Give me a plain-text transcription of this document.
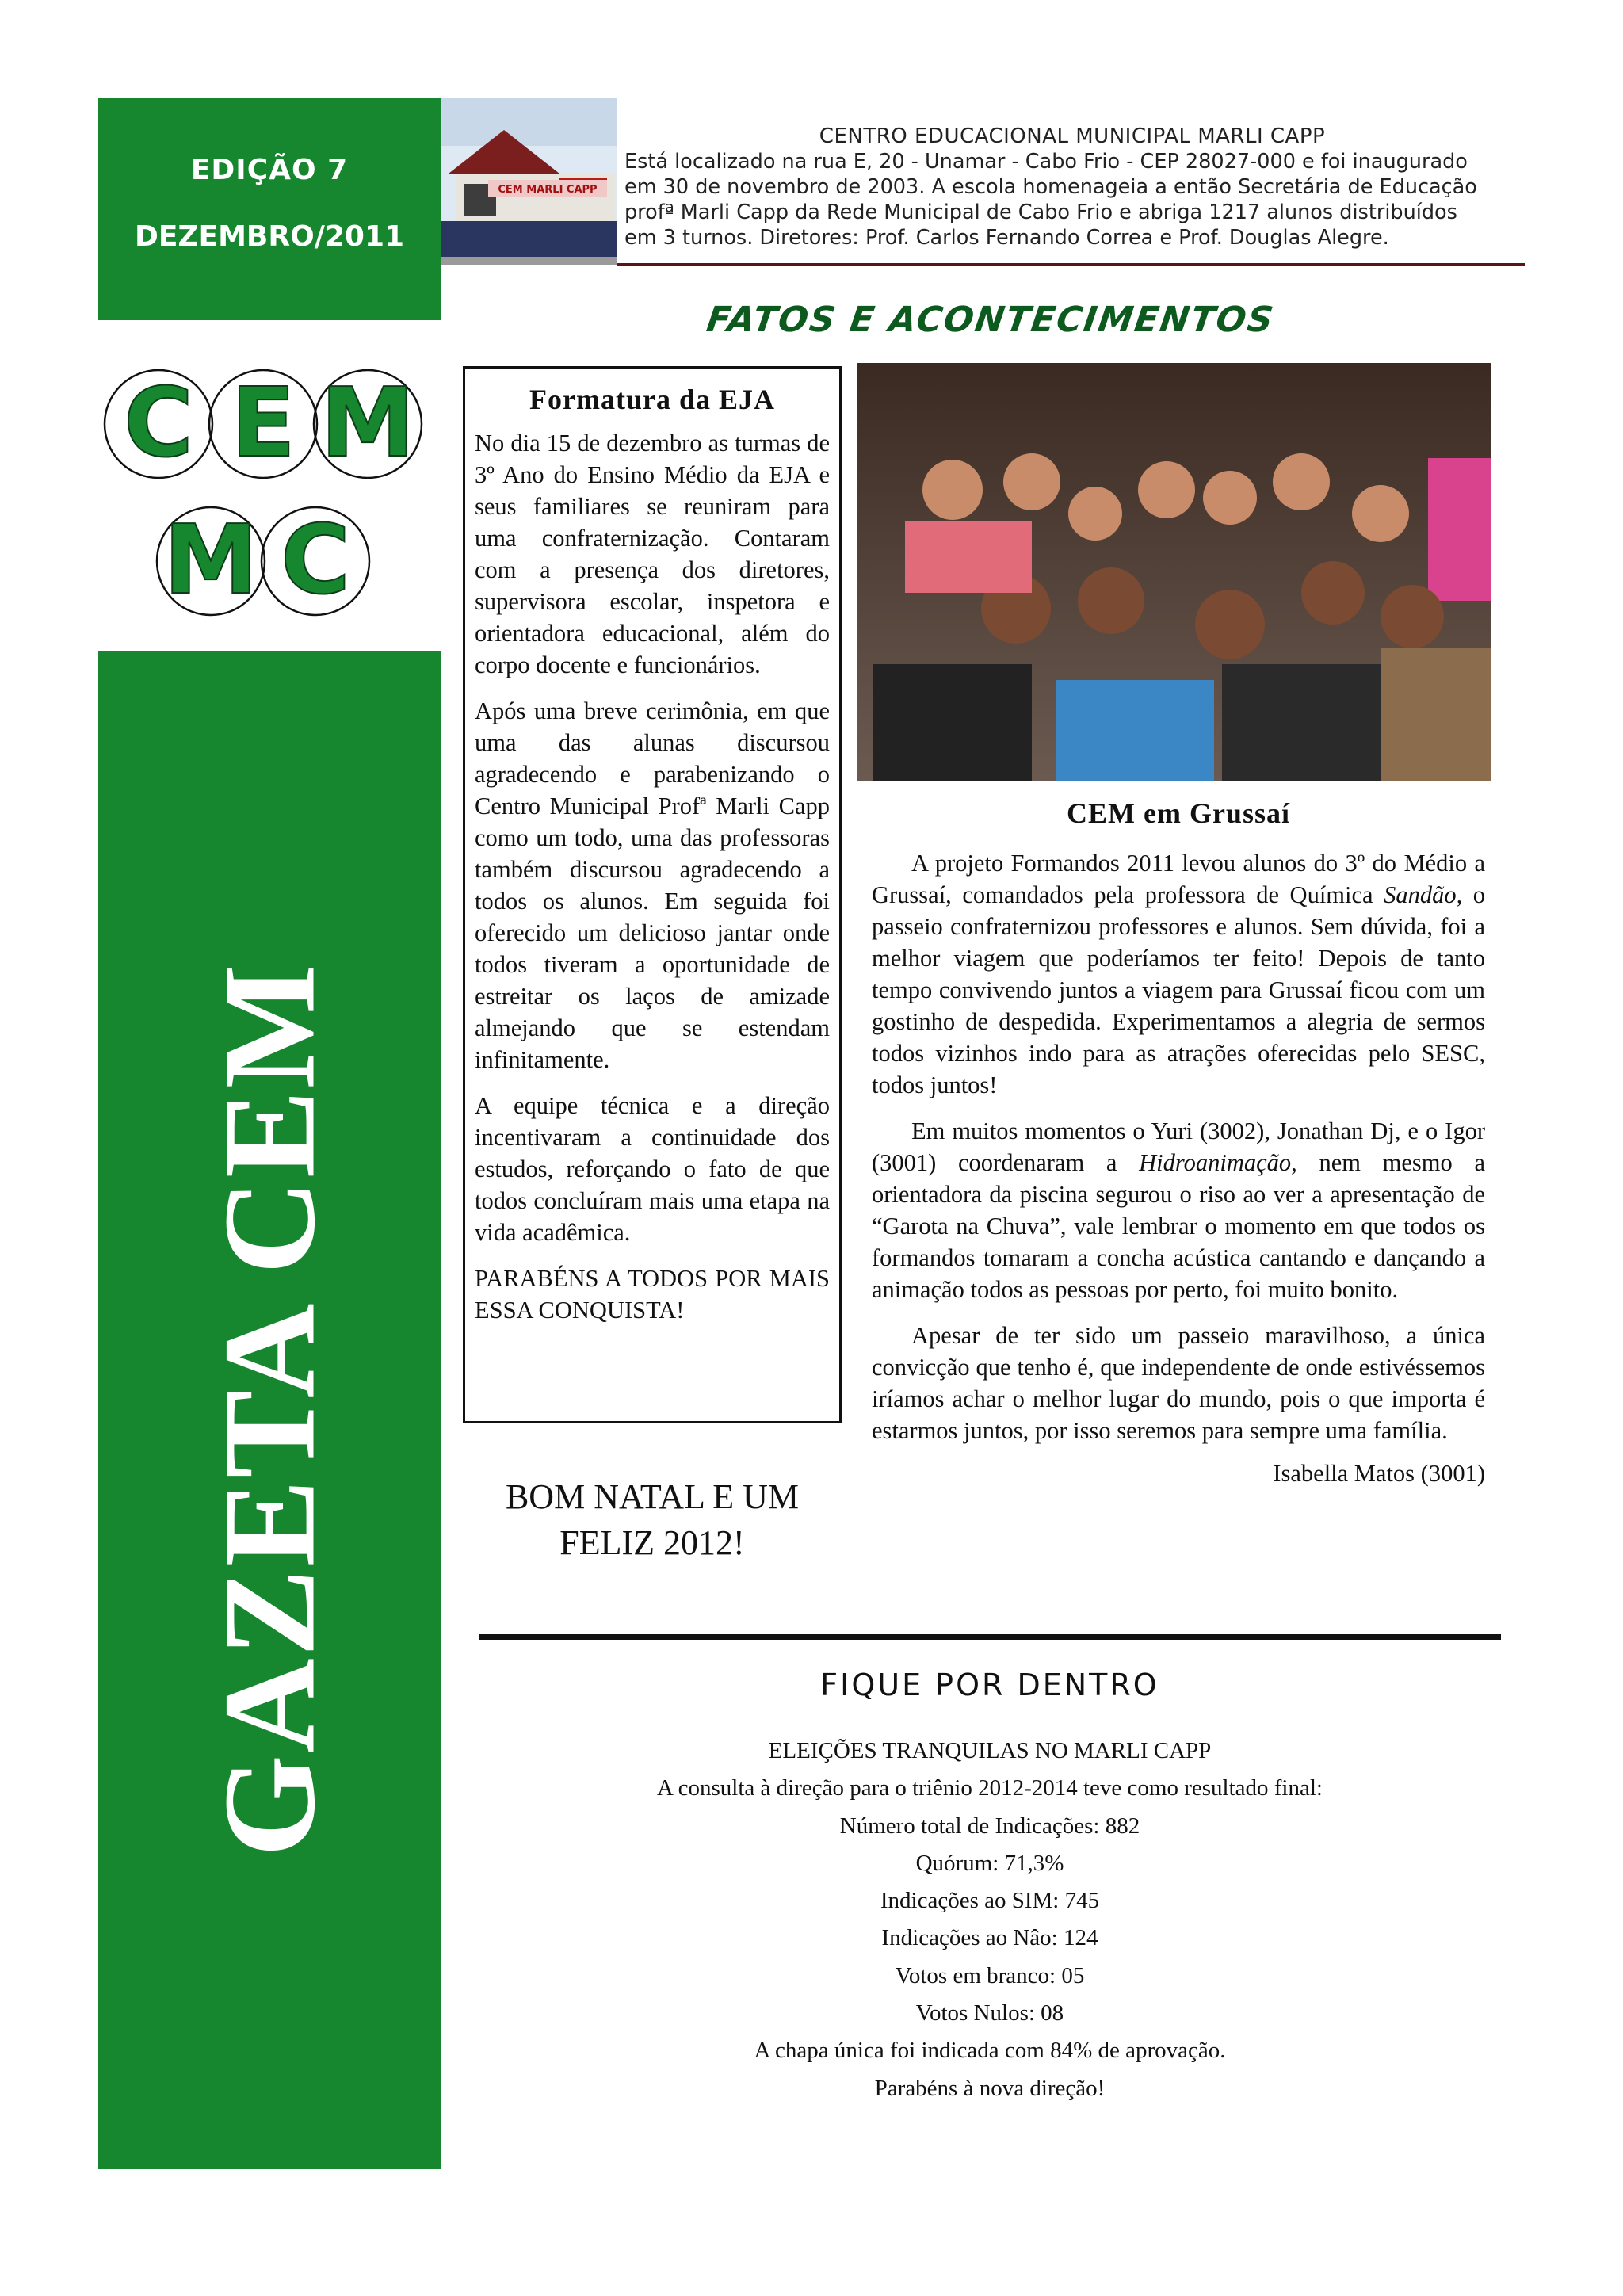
EDIÇÃO 7
DEZEMBRO/2011
C E M
M C
GAZETA CEM
CEM MARLI CAPP
CENTRO EDUCACIONAL MUNICIPAL MARLI CAPP
Está localizado na rua E, 20 - Unamar - Cabo Frio - CEP 28027-000 e foi inaugurado
em 30 de novembro de 2003. A escola homenageia a então Secretária de Educação
profª Marli Capp da Rede Municipal de Cabo Frio e abriga 1217 alunos distribuídos
em 3 turnos. Diretores: Prof. Carlos Fernando Correa e Prof. Douglas Alegre.
FATOS E ACONTECIMENTOS
Formatura da EJA

No dia 15 de dezembro as turmas de 3º Ano do Ensino Médio da EJA e seus familiares se reuniram para uma confraternização. Contaram com a presença dos diretores, supervisora escolar, inspetora e orientadora educacional, além do corpo docente e funcionários.

Após uma breve cerimônia, em que uma das alunas discursou agradecendo e parabenizando o Centro Municipal Profª Marli Capp como um todo, uma das professoras também discursou agradecendo a todos os alunos. Em seguida foi oferecido um delicioso jantar onde todos tiveram a oportunidade de estreitar os laços de amizade almejando que se estendam infinitamente.

A equipe técnica e a direção incentivaram a continuidade dos estudos, reforçando o fato de que todos concluíram mais uma etapa na vida acadêmica.

PARABÉNS A TODOS POR MAIS ESSA CONQUISTA!

BOM NATAL E UM
FELIZ 2012!
CEM em Grussaí

A projeto Formandos 2011 levou alunos do 3º do Médio a Grussaí, comandados pela professora de Química Sandão, o passeio confraternizou professores e alunos. Sem dúvida, foi a melhor viagem que poderíamos ter feito! Depois de tanto tempo convivendo juntos a viagem para Grussaí ficou com um gostinho de despedida. Experimentamos a alegria de sermos todos vizinhos indo para as atrações oferecidas pelo SESC, todos juntos!

Em muitos momentos o Yuri (3002), Jonathan Dj, e o Igor (3001) coordenaram a Hidroanimação, nem mesmo a orientadora da piscina segurou o riso ao ver a apresentação de “Garota na Chuva”, vale lembrar o momento em que todos os formandos tomaram a concha acústica cantando e dançando a animação todos as pessoas por perto, foi muito bonito.

Apesar de ter sido um passeio maravilhoso, a única convicção que tenho é, que independente de onde estivéssemos iríamos achar o melhor lugar do mundo, pois o que importa é estarmos juntos, por isso seremos para sempre uma família.

Isabella Matos (3001)

FIQUE POR DENTRO
ELEIÇÕES TRANQUILAS NO MARLI CAPP
A consulta à direção para o triênio 2012-2014 teve como resultado final:
Número total de Indicações: 882
Quórum: 71,3%
Indicações ao SIM: 745
Indicações ao Nâo: 124
Votos em branco: 05
Votos Nulos: 08
A chapa única foi indicada com 84% de aprovação.
Parabéns à nova direção!
